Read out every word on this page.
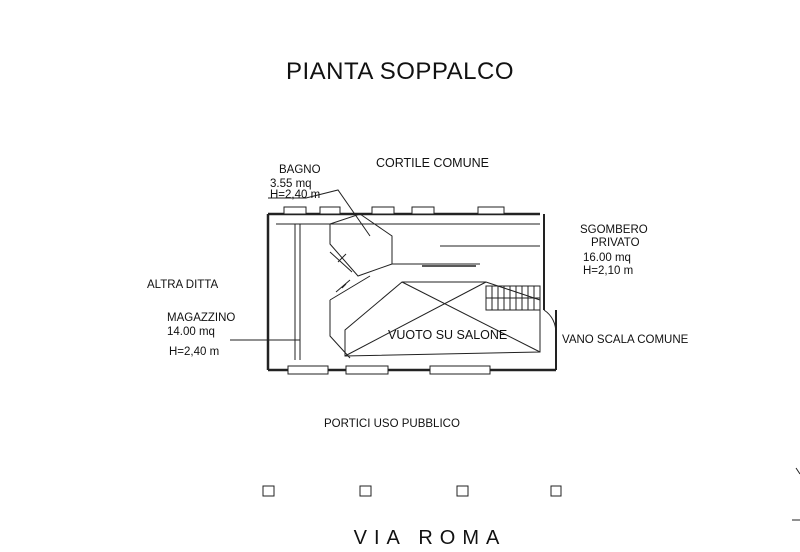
PIANTA SOPPALCO
CORTILE COMUNE
BAGNO
3.55 mq
H=2,40 m
SGOMBERO
PRIVATO
16.00 mq
H=2,10 m
ALTRA DITTA
MAGAZZINO
14.00 mq
H=2,40 m
VUOTO SU SALONE	VANO SCALA COMUNE
PORTICI USO PUBBLICO
VIA ROMA
